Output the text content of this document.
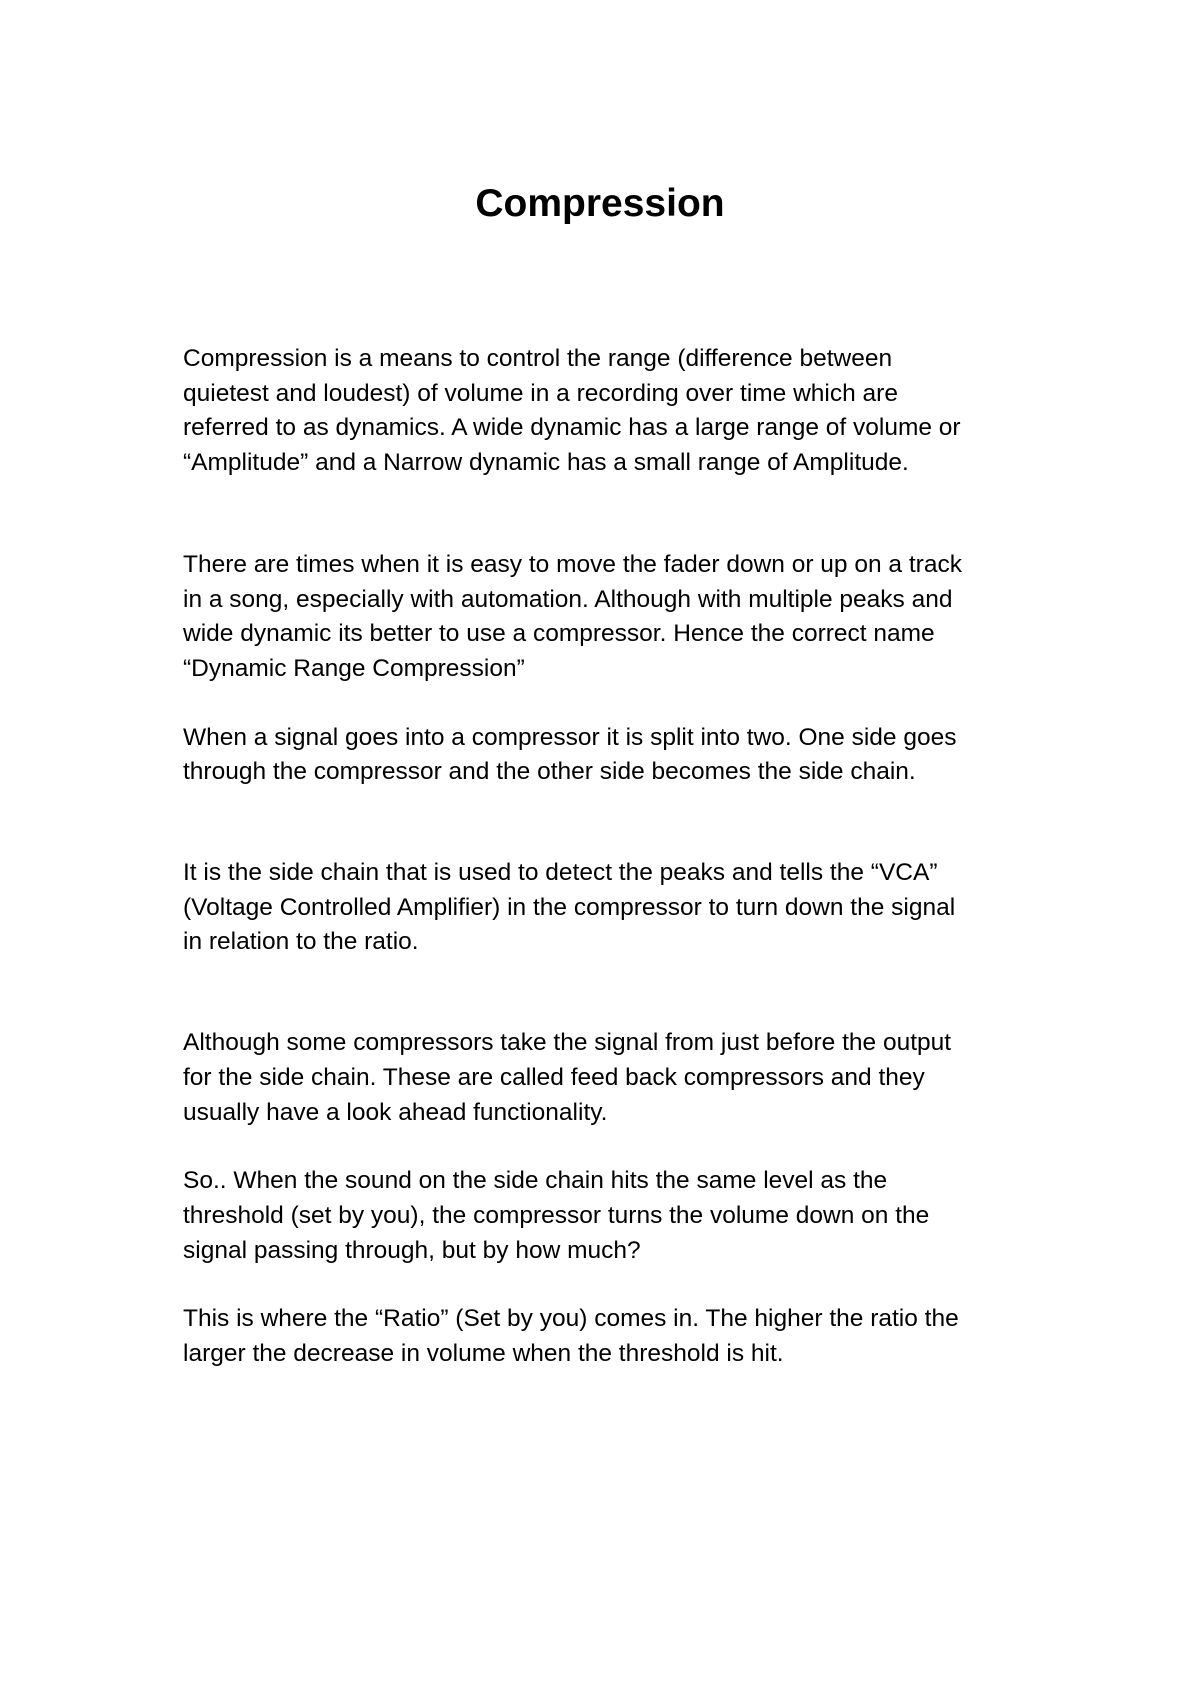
Compression

Compression is a means to control the range (difference between
quietest and loudest) of volume in a recording over time which are
referred to as dynamics. A wide dynamic has a large range of volume or
“Amplitude” and a Narrow dynamic has a small range of Amplitude.

There are times when it is easy to move the fader down or up on a track
in a song, especially with automation. Although with multiple peaks and
wide dynamic its better to use a compressor. Hence the correct name
“Dynamic Range Compression”

When a signal goes into a compressor it is split into two. One side goes
through the compressor and the other side becomes the side chain.

It is the side chain that is used to detect the peaks and tells the “VCA”
(Voltage Controlled Amplifier) in the compressor to turn down the signal
in relation to the ratio.

Although some compressors take the signal from just before the output
for the side chain. These are called feed back compressors and they
usually have a look ahead functionality.

So.. When the sound on the side chain hits the same level as the
threshold (set by you), the compressor turns the volume down on the
signal passing through, but by how much?

This is where the “Ratio” (Set by you) comes in. The higher the ratio the
larger the decrease in volume when the threshold is hit.
